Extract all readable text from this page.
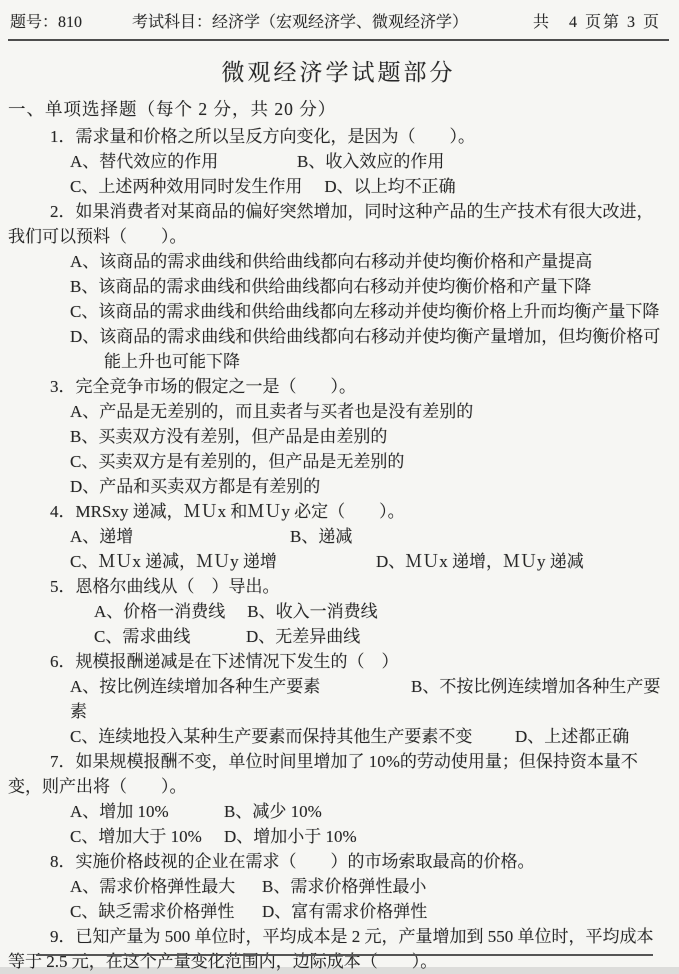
题号：810	考试科目：经济学（宏观经济学、微观经济学）	共　4 页第 3 页
微观经济学试题部分
一、单项选择题（每个 2 分，共 20 分）

1．需求量和价格之所以呈反方向变化，是因为（　　）。

A、替代效应的作用	B、收入效应的作用

C、上述两种效用同时发生作用 D、以上均不正确

2．如果消费者对某商品的偏好突然增加，同时这种产品的生产技术有很大改进，我们可以预料（　　）。

A、该商品的需求曲线和供给曲线都向右移动并使均衡价格和产量提高

B、该商品的需求曲线和供给曲线都向右移动并使均衡价格和产量下降

C、该商品的需求曲线和供给曲线都向左移动并使均衡价格上升而均衡产量下降

D、该商品的需求曲线和供给曲线都向右移动并使均衡产量增加，但均衡价格可能上升也可能下降

3．完全竞争市场的假定之一是（　　）。

A、产品是无差别的，而且卖者与买者也是没有差别的

B、买卖双方没有差别，但产品是由差别的

C、买卖双方是有差别的，但产品是无差别的

D、产品和买卖双方都是有差别的

4．MRSxy 递减，ＭＵx 和ＭＵy 必定（　　）。

A、递增	B、递减

C、ＭＵx 递减，ＭＵy 递增	D、ＭＵx 递增，ＭＵy 递减

5．恩格尔曲线从（　）导出。

A、价格一消费线 B、收入一消费线

C、需求曲线	D、无差异曲线

6．规模报酬递减是在下述情况下发生的（　）

A、按比例连续增加各种生产要素	B、不按比例连续增加各种生产要素

C、连续地投入某种生产要素而保持其他生产要素不变	D、上述都正确

7．如果规模报酬不变，单位时间里增加了 10%的劳动使用量；但保持资本量不变，则产出将（　　）。

A、增加 10%	B、减少 10%

C、增加大于 10% D、增加小于 10%

8．实施价格歧视的企业在需求（　　）的市场索取最高的价格。

A、需求价格弹性最大 B、需求价格弹性最小

C、缺乏需求价格弹性 D、富有需求价格弹性

9．已知产量为 500 单位时，平均成本是 2 元，产量增加到 550 单位时，平均成本等于 2.5 元，在这个产量变化范围内，边际成本（　　）。
